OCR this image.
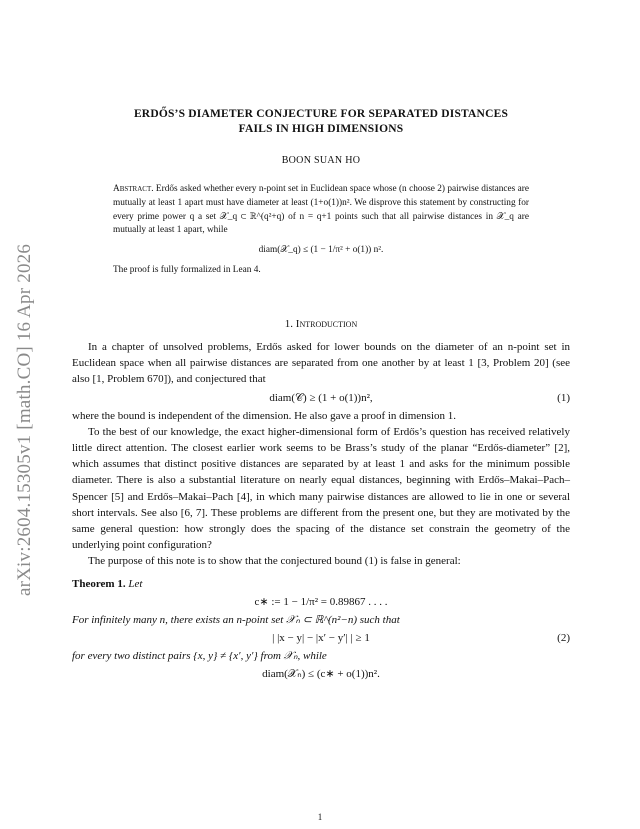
arXiv:2604.15305v1 [math.CO] 16 Apr 2026
ERDŐS’S DIAMETER CONJECTURE FOR SEPARATED DISTANCES
FAILS IN HIGH DIMENSIONS
BOON SUAN HO
Abstract. Erdős asked whether every n-point set in Euclidean space whose (n choose 2) pairwise distances are mutually at least 1 apart must have diameter at least (1+o(1))n². We disprove this statement by constructing for every prime power q a set 𝒳_q ⊂ ℝ^(q²+q) of n = q+1 points such that all pairwise distances in 𝒳_q are mutually at least 1 apart, while
diam(𝒳_q) ≤ (1 − 1/π² + o(1)) n².
The proof is fully formalized in Lean 4.
1. Introduction

In a chapter of unsolved problems, Erdős asked for lower bounds on the diameter of an n-point set in Euclidean space when all pairwise distances are separated from one another by at least 1 [3, Problem 20] (see also [1, Problem 670]), and conjectured that

diam(𝒞) ≥ (1 + o(1))n²,	(1)
where the bound is independent of the dimension. He also gave a proof in dimension 1.

To the best of our knowledge, the exact higher-dimensional form of Erdős’s question has received relatively little direct attention. The closest earlier work seems to be Brass’s study of the planar “Erdős-diameter” [2], which assumes that distinct positive distances are separated by at least 1 and asks for the minimum possible diameter. There is also a substantial literature on nearly equal distances, beginning with Erdős–Makai–Pach–Spencer [5] and Erdős–Makai–Pach [4], in which many pairwise distances are allowed to lie in one or several short intervals. See also [6, 7]. These problems are different from the present one, but they are motivated by the same general question: how strongly does the spacing of the distance set constrain the geometry of the underlying point configuration?

The purpose of this note is to show that the conjectured bound (1) is false in general:

Theorem 1. Let
c∗ := 1 − 1/π² = 0.89867 . . . .
For infinitely many n, there exists an n-point set 𝒳ₙ ⊂ ℝ^(n²−n) such that
| |x − y| − |x′ − y′| | ≥ 1	(2)
for every two distinct pairs {x, y} ≠ {x′, y′} from 𝒳ₙ, while
diam(𝒳ₙ) ≤ (c∗ + o(1))n².
1
